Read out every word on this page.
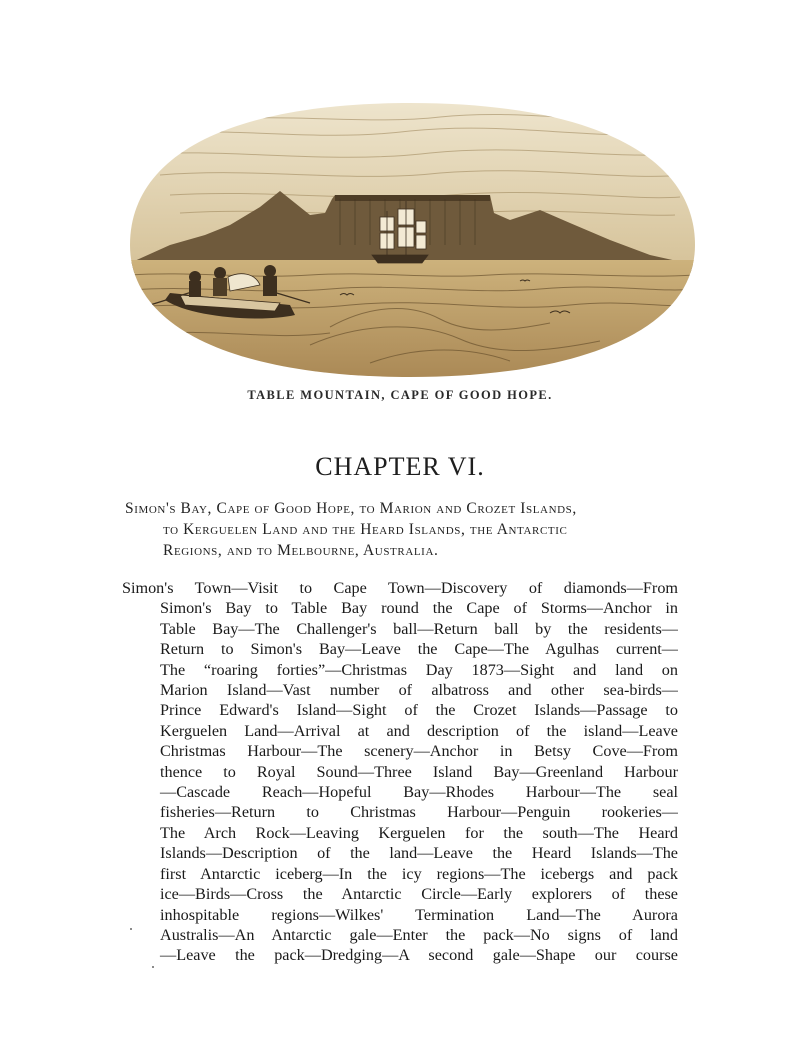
TABLE MOUNTAIN, CAPE OF GOOD HOPE.
CHAPTER VI.
Simon's Bay, Cape of Good Hope, to Marion and Crozet Islands,
to Kerguelen Land and the Heard Islands, the Antarctic
Regions, and to Melbourne, Australia.
Simon's Town—Visit to Cape Town—Discovery of diamonds—From
Simon's Bay to Table Bay round the Cape of Storms—Anchor in
Table Bay—The Challenger's ball—Return ball by the residents—
Return to Simon's Bay—Leave the Cape—The Agulhas current—
The “roaring forties”—Christmas Day 1873—Sight and land on
Marion Island—Vast number of albatross and other sea-birds—
Prince Edward's Island—Sight of the Crozet Islands—Passage to
Kerguelen Land—Arrival at and description of the island—Leave
Christmas Harbour—The scenery—Anchor in Betsy Cove—From
thence to Royal Sound—Three Island Bay—Greenland Harbour
—Cascade Reach—Hopeful Bay—Rhodes Harbour—The seal
fisheries—Return to Christmas Harbour—Penguin rookeries—
The Arch Rock—Leaving Kerguelen for the south—The Heard
Islands—Description of the land—Leave the Heard Islands—The
first Antarctic iceberg—In the icy regions—The icebergs and pack
ice—Birds—Cross the Antarctic Circle—Early explorers of these
inhospitable regions—Wilkes' Termination Land—The Aurora
Australis—An Antarctic gale—Enter the pack—No signs of land
—Leave the pack—Dredging—A second gale—Shape our course
